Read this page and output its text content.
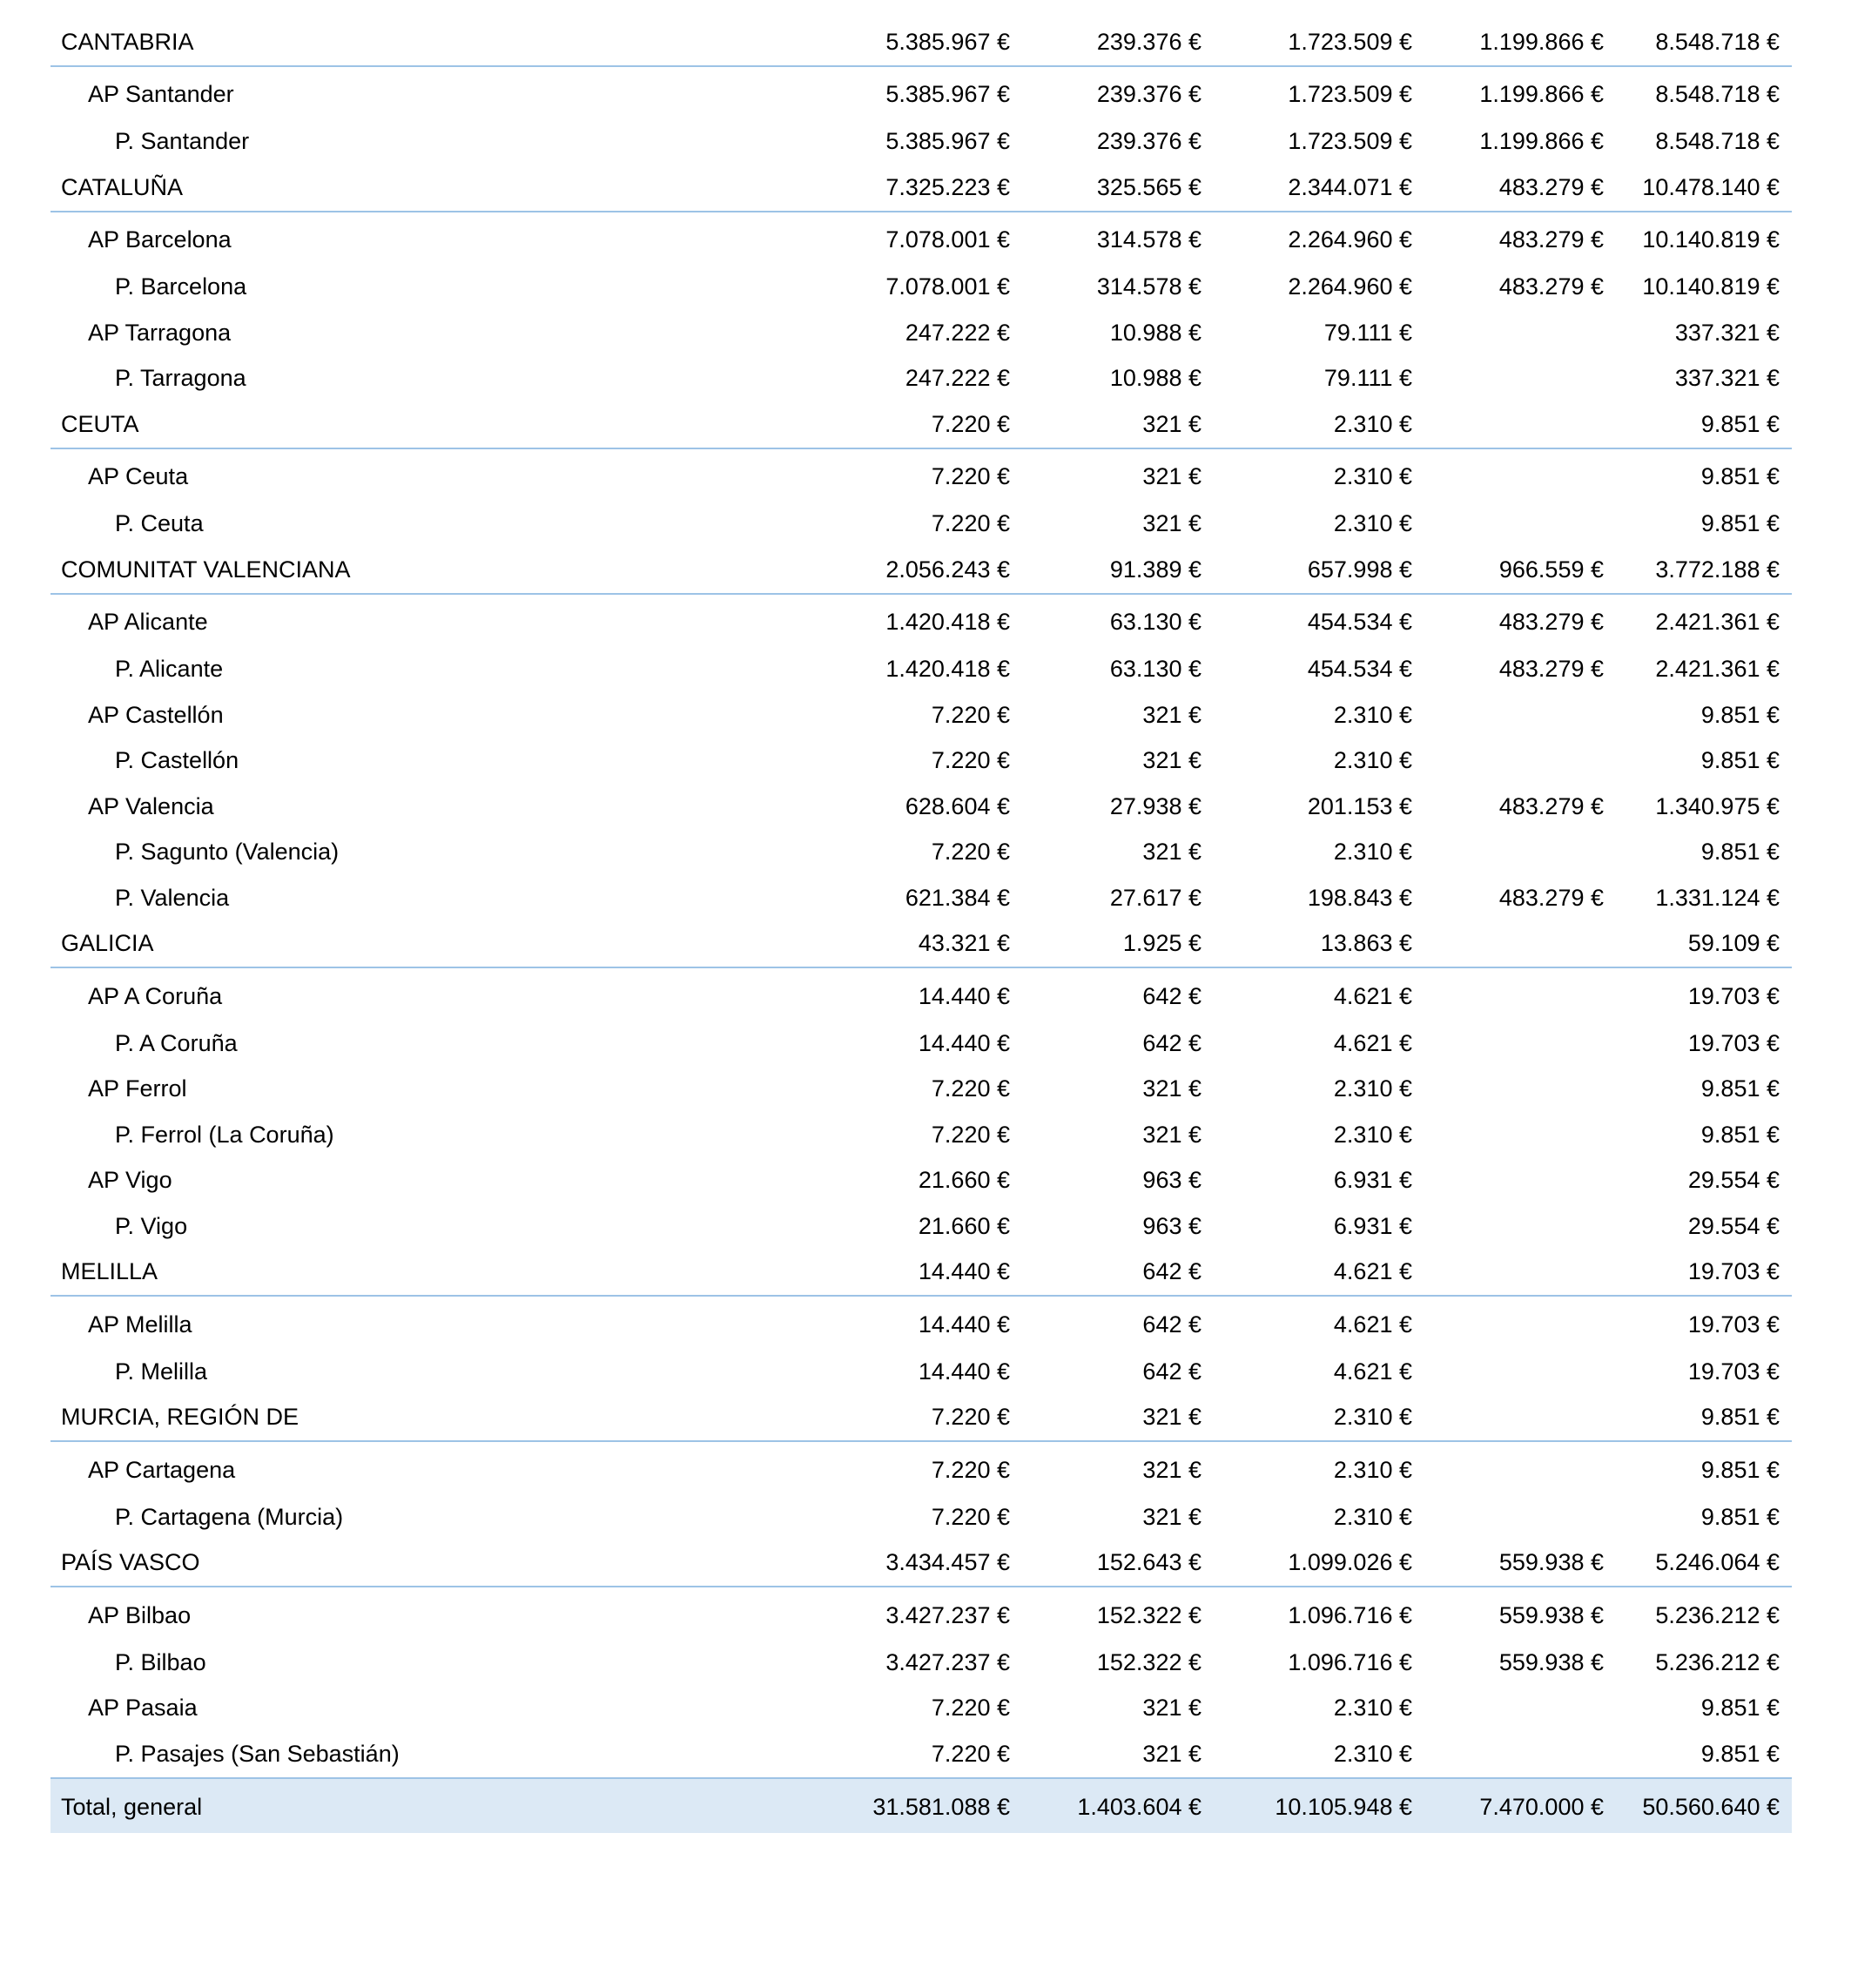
CANTABRIA	5.385.967 €	239.376 €	1.723.509 €	1.199.866 €	8.548.718 €
AP Santander	5.385.967 €	239.376 €	1.723.509 €	1.199.866 €	8.548.718 €
P. Santander	5.385.967 €	239.376 €	1.723.509 €	1.199.866 €	8.548.718 €
CATALUÑA	7.325.223 €	325.565 €	2.344.071 €	483.279 €	10.478.140 €
AP Barcelona	7.078.001 €	314.578 €	2.264.960 €	483.279 €	10.140.819 €
P. Barcelona	7.078.001 €	314.578 €	2.264.960 €	483.279 €	10.140.819 €
AP Tarragona	247.222 €	10.988 €	79.111 €		337.321 €
P. Tarragona	247.222 €	10.988 €	79.111 €		337.321 €
CEUTA	7.220 €	321 €	2.310 €		9.851 €
AP Ceuta	7.220 €	321 €	2.310 €		9.851 €
P. Ceuta	7.220 €	321 €	2.310 €		9.851 €
COMUNITAT VALENCIANA	2.056.243 €	91.389 €	657.998 €	966.559 €	3.772.188 €
AP Alicante	1.420.418 €	63.130 €	454.534 €	483.279 €	2.421.361 €
P. Alicante	1.420.418 €	63.130 €	454.534 €	483.279 €	2.421.361 €
AP Castellón	7.220 €	321 €	2.310 €		9.851 €
P. Castellón	7.220 €	321 €	2.310 €		9.851 €
AP Valencia	628.604 €	27.938 €	201.153 €	483.279 €	1.340.975 €
P. Sagunto (Valencia)	7.220 €	321 €	2.310 €		9.851 €
P. Valencia	621.384 €	27.617 €	198.843 €	483.279 €	1.331.124 €
GALICIA	43.321 €	1.925 €	13.863 €		59.109 €
AP A Coruña	14.440 €	642 €	4.621 €		19.703 €
P. A Coruña	14.440 €	642 €	4.621 €		19.703 €
AP Ferrol	7.220 €	321 €	2.310 €		9.851 €
P. Ferrol (La Coruña)	7.220 €	321 €	2.310 €		9.851 €
AP Vigo	21.660 €	963 €	6.931 €		29.554 €
P. Vigo	21.660 €	963 €	6.931 €		29.554 €
MELILLA	14.440 €	642 €	4.621 €		19.703 €
AP Melilla	14.440 €	642 €	4.621 €		19.703 €
P. Melilla	14.440 €	642 €	4.621 €		19.703 €
MURCIA, REGIÓN DE	7.220 €	321 €	2.310 €		9.851 €
AP Cartagena	7.220 €	321 €	2.310 €		9.851 €
P. Cartagena (Murcia)	7.220 €	321 €	2.310 €		9.851 €
PAÍS VASCO	3.434.457 €	152.643 €	1.099.026 €	559.938 €	5.246.064 €
AP Bilbao	3.427.237 €	152.322 €	1.096.716 €	559.938 €	5.236.212 €
P. Bilbao	3.427.237 €	152.322 €	1.096.716 €	559.938 €	5.236.212 €
AP Pasaia	7.220 €	321 €	2.310 €		9.851 €
P. Pasajes (San Sebastián)	7.220 €	321 €	2.310 €		9.851 €
Total, general	31.581.088 €	1.403.604 €	10.105.948 €	7.470.000 €	50.560.640 €
